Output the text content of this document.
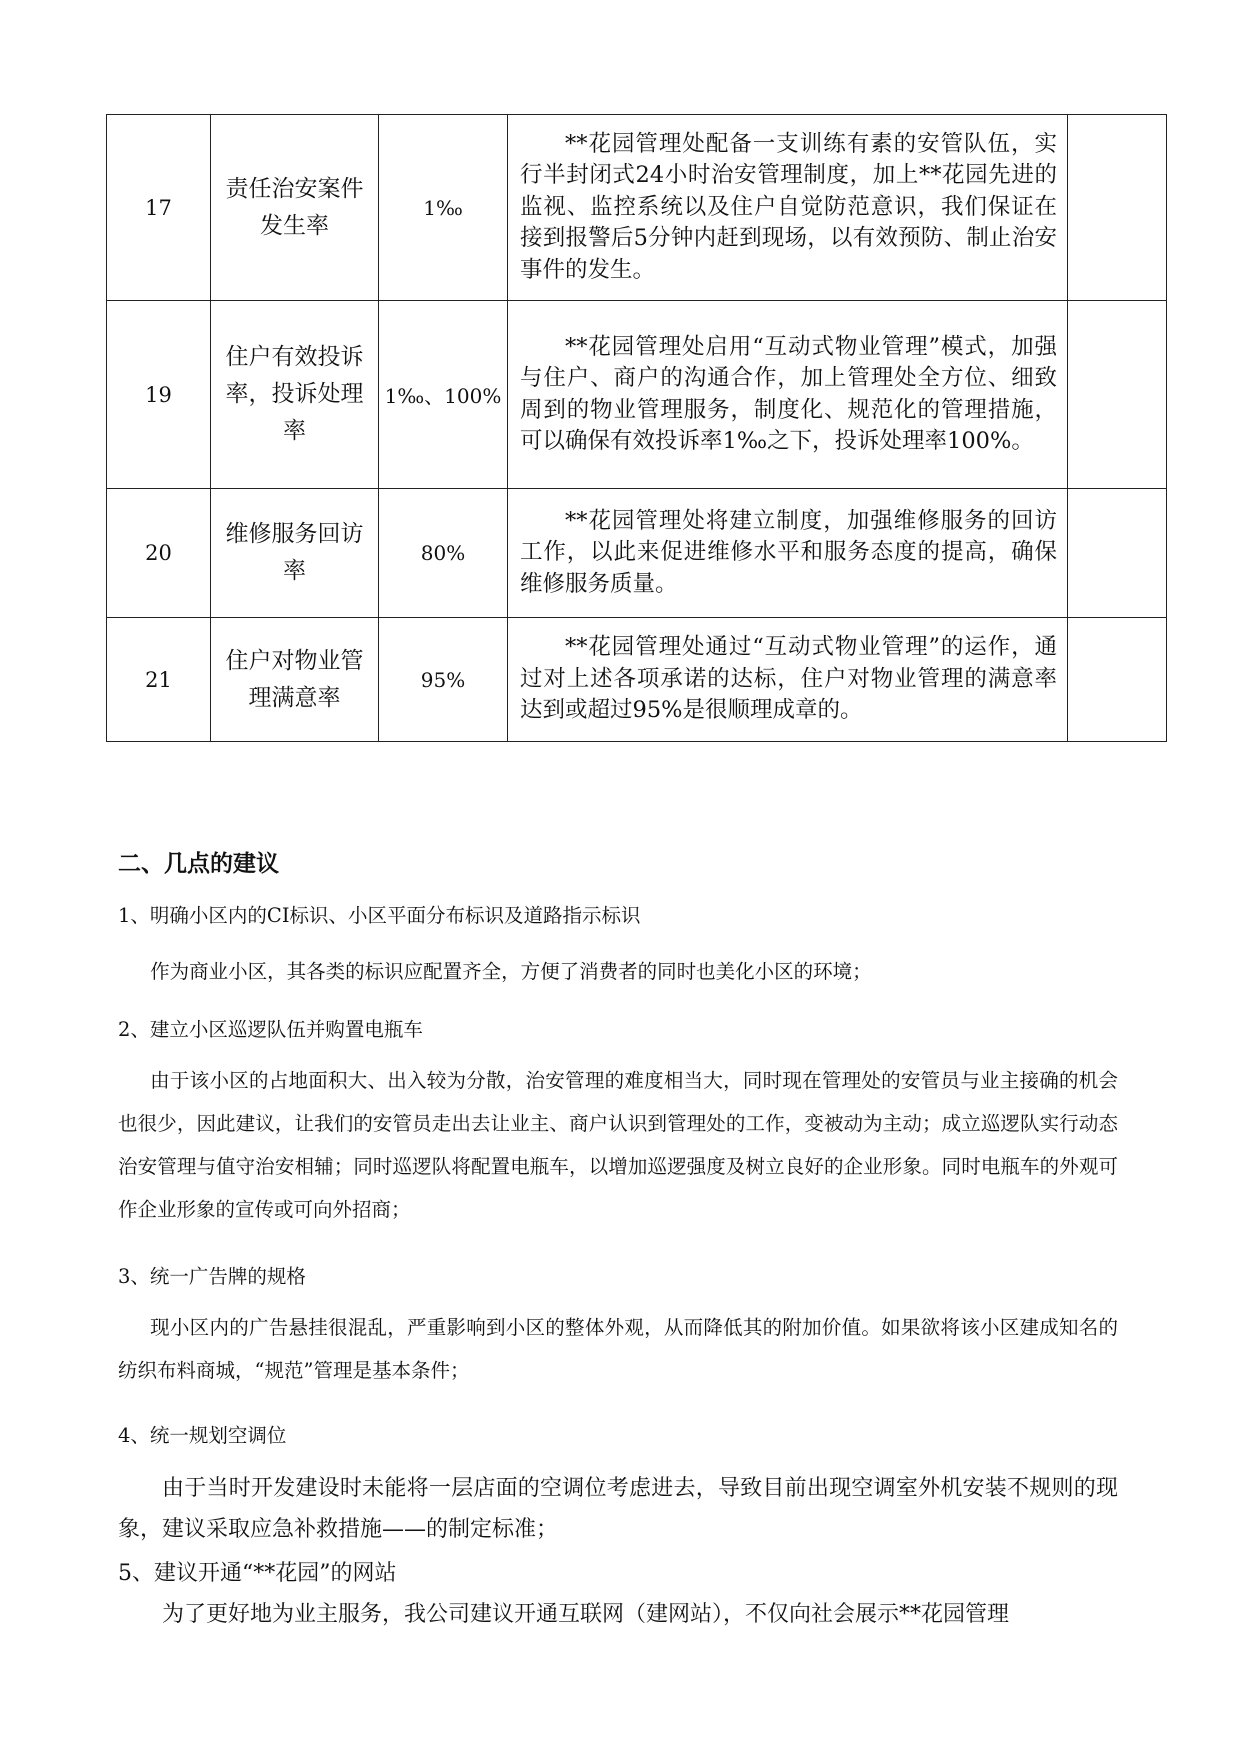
17	责任治安案件发生率	1‰	**花园管理处配备一支训练有素的安管队伍，实行半封闭式24小时治安管理制度，加上**花园先进的监视、监控系统以及住户自觉防范意识，我们保证在接到报警后5分钟内赶到现场，以有效预防、制止治安事件的发生。	

19	住户有效投诉率，投诉处理率	1‰、100%	**花园管理处启用“互动式物业管理”模式，加强与住户、商户的沟通合作，加上管理处全方位、细致周到的物业管理服务，制度化、规范化的管理措施，可以确保有效投诉率1‰之下，投诉处理率100%。	

20	维修服务回访率	80%	**花园管理处将建立制度，加强维修服务的回访工作，以此来促进维修水平和服务态度的提高，确保维修服务质量。	

21	住户对物业管理满意率	95%	**花园管理处通过“互动式物业管理”的运作，通过对上述各项承诺的达标，住户对物业管理的满意率达到或超过95%是很顺理成章的。	

二、几点的建议
1、明确小区内的CI标识、小区平面分布标识及道路指示标识

作为商业小区，其各类的标识应配置齐全，方便了消费者的同时也美化小区的环境；

2、建立小区巡逻队伍并购置电瓶车

由于该小区的占地面积大、出入较为分散，治安管理的难度相当大，同时现在管理处的安管员与业主接确的机会也很少，因此建议，让我们的安管员走出去让业主、商户认识到管理处的工作，变被动为主动；成立巡逻队实行动态治安管理与值守治安相辅；同时巡逻队将配置电瓶车，以增加巡逻强度及树立良好的企业形象。同时电瓶车的外观可作企业形象的宣传或可向外招商；

3、统一广告牌的规格

现小区内的广告悬挂很混乱，严重影响到小区的整体外观，从而降低其的附加价值。如果欲将该小区建成知名的纺织布料商城，“规范”管理是基本条件；

4、统一规划空调位

由于当时开发建设时未能将一层店面的空调位考虑进去，导致目前出现空调室外机安装不规则的现象，建议采取应急补救措施——的制定标准；

5、建议开通“**花园”的网站

为了更好地为业主服务，我公司建议开通互联网（建网站），不仅向社会展示**花园管理
